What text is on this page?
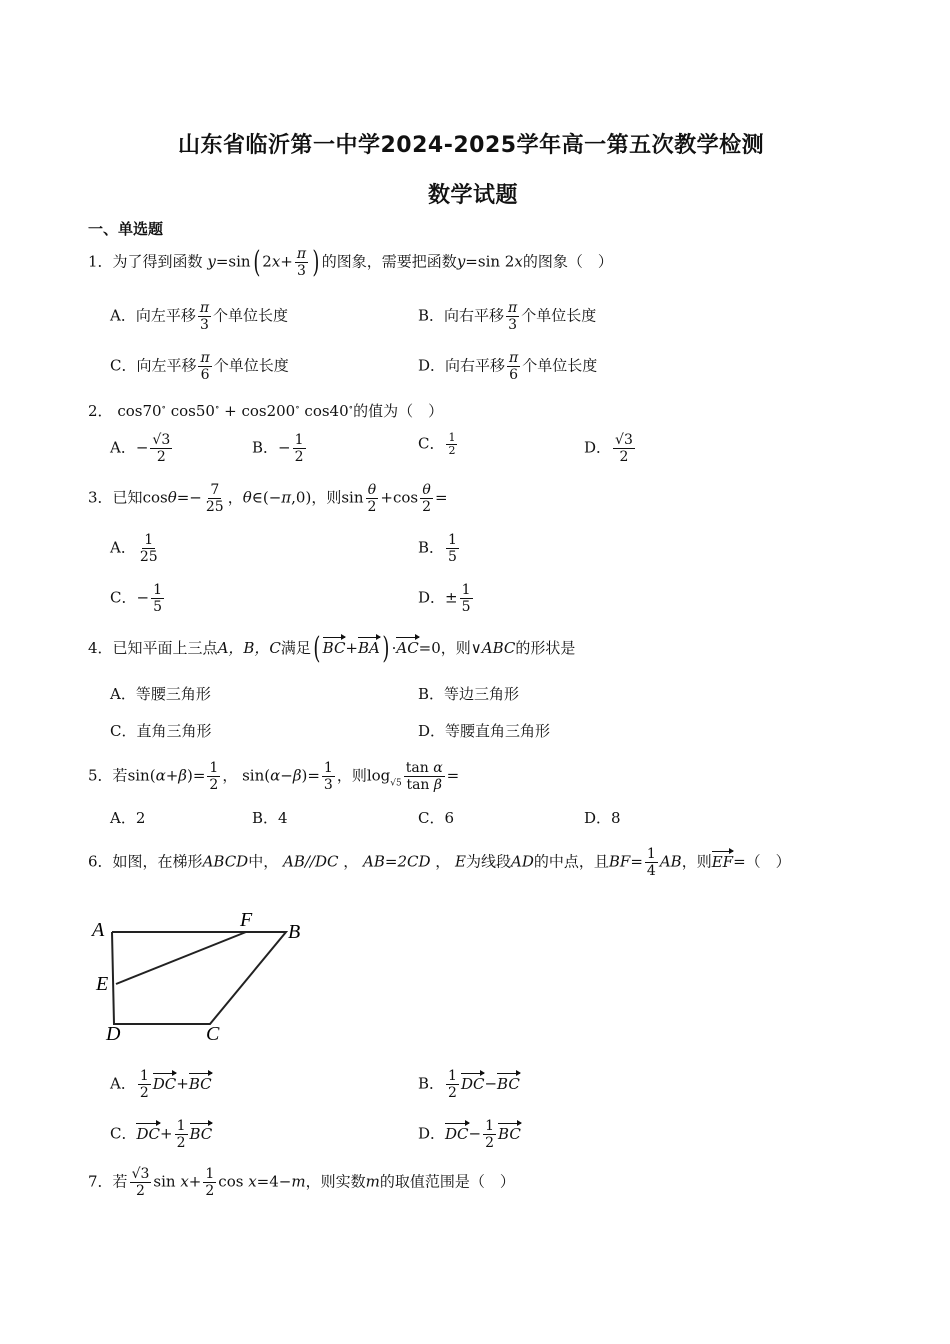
山东省临沂第一中学2024-2025学年高一第五次教学检测
数学试题
一、单选题
1．为了得到函数 y=sin( $2x+ \frac{\pi}{3}$ ) 的图象，需要把函数y=sin 2x的图象（　）
A．向左平移 $\frac{\pi}{3}$ 个单位长度	B．向右平移 $\frac{\pi}{3}$ 个单位长度
C．向左平移 $\frac{\pi}{6}$ 个单位长度	D．向右平移 $\frac{\pi}{6}$ 个单位长度
2． cos70∘ cos50∘ + cos200∘ cos40∘的值为（　）
A．− $\frac{√3}{2}$	B．− $\frac{1}{2}$	C． $\frac{1}{2}$	D． $\frac{√3}{2}$
3．已知$\cos\theta=- \frac{7}{25}$ ，θ∈(−π,0)，则$\sin \frac{\theta}{2} +\cos \frac{\theta}{2}$ =
A． $\frac{1}{25}$	B． $\frac{1}{5}$
C．− $\frac{1}{5}$	D．± $\frac{1}{5}$
4．已知平面上三点A，B，C满足( BC+BA) ·AC=0，则∨ABC的形状是
A．等腰三角形	B．等边三角形
C．直角三角形	D．等腰直角三角形
5．若$\sin(\alpha+\beta)= \frac{1}{2}$ ， $\sin(\alpha-\beta)= \frac{1}{3}$ ，则$\log_{√5} \frac{\text{tan α}}{\text{tan β}}$ =
A．2	B．4	C．6	D．8
6．如图，在梯形ABCD中， AB//DC ， AB=2CD ， E为线段AD的中点，且$BF= \frac{1}{4}$ AB，则EF=（　）
A	F
B
E
D	C
A． $\frac{1}{2} DC+BC$	B． $\frac{1}{2} DC-BC$
C．$DC+ \frac{1}{2}$ BC	D．$DC- \frac{1}{2}$ BC
7．若 $\frac{√3}{2}$ $\sin x+ \frac{1}{2}$ cos x=4−m，则实数m的取值范围是（　）
